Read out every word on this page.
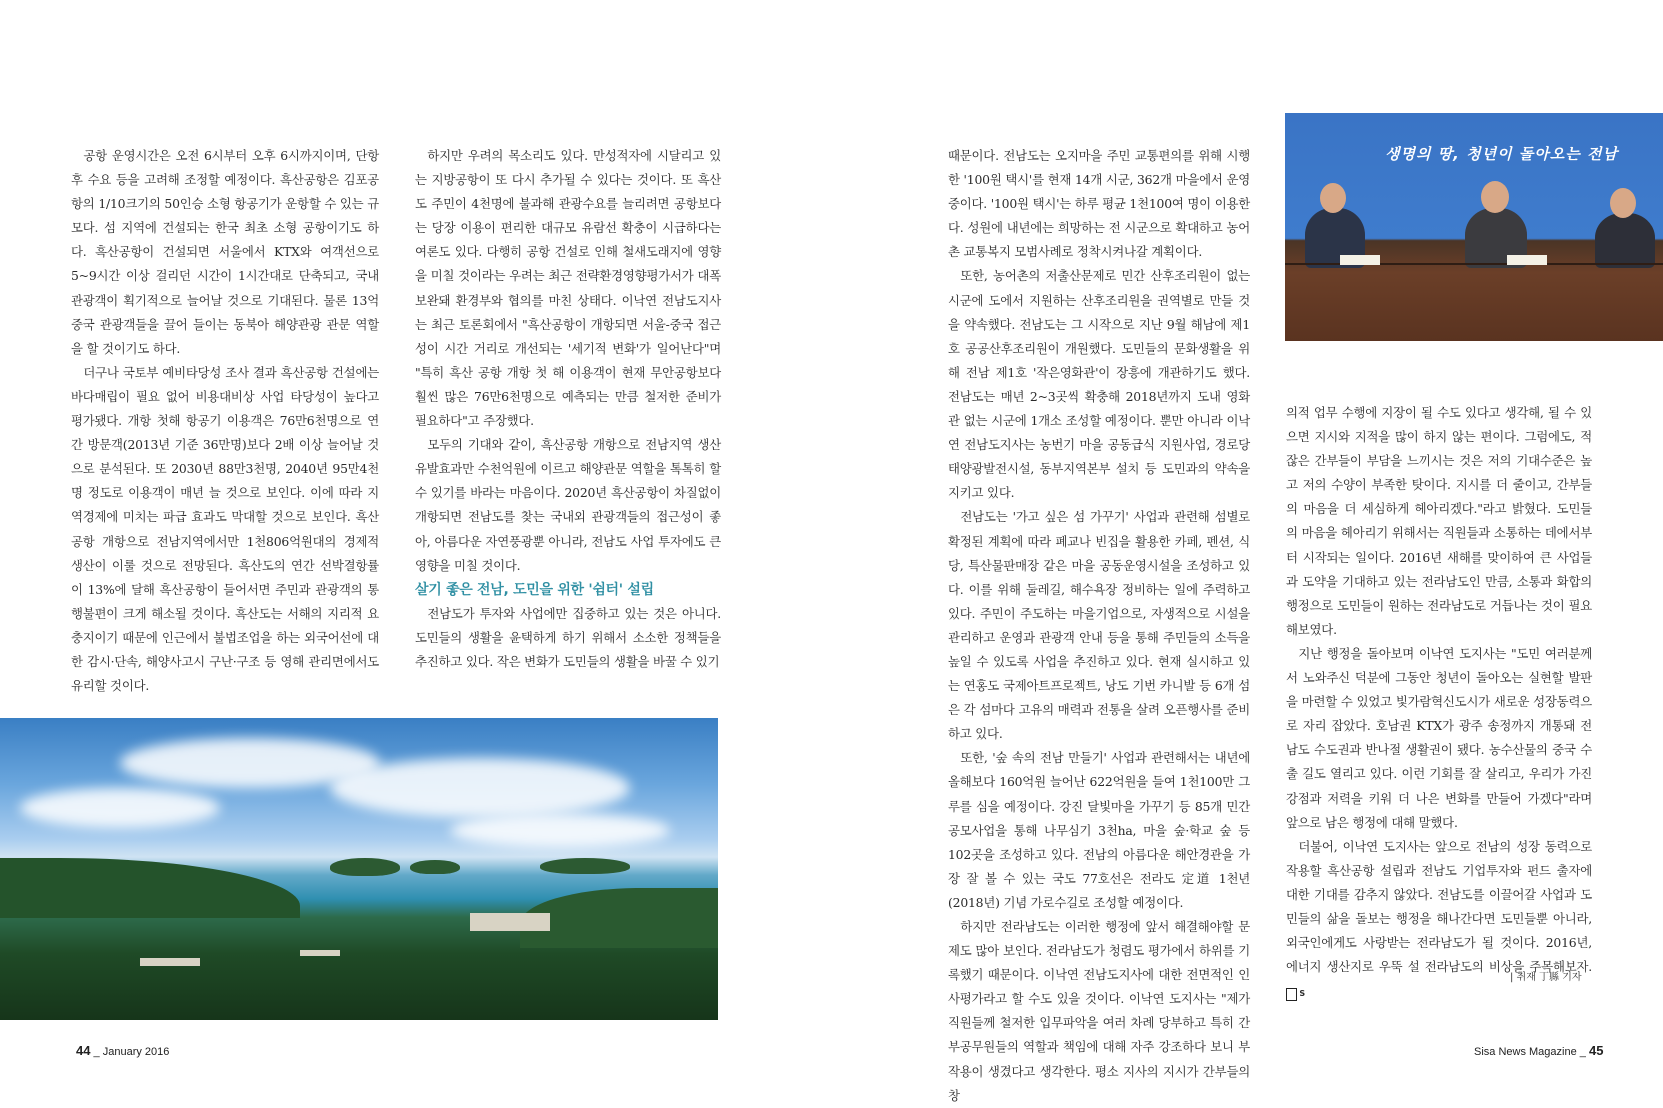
공항 운영시간은 오전 6시부터 오후 6시까지이며, 단항 후 수요 등을 고려해 조정할 예정이다. 흑산공항은 김포공항의 1/10크기의 50인승 소형 항공기가 운항할 수 있는 규모다. 섬 지역에 건설되는 한국 최초 소형 공항이기도 하다. 흑산공항이 건설되면 서울에서 KTX와 여객선으로 5~9시간 이상 걸리던 시간이 1시간대로 단축되고, 국내 관광객이 획기적으로 늘어날 것으로 기대된다. 물론 13억 중국 관광객들을 끌어 들이는 동북아 해양관광 관문 역할을 할 것이기도 하다.

더구나 국토부 예비타당성 조사 결과 흑산공항 건설에는 바다매립이 필요 없어 비용대비상 사업 타당성이 높다고 평가됐다. 개항 첫해 항공기 이용객은 76만6천명으로 연간 방문객(2013년 기준 36만명)보다 2배 이상 늘어날 것으로 분석된다. 또 2030년 88만3천명, 2040년 95만4천명 정도로 이용객이 매년 늘 것으로 보인다. 이에 따라 지역경제에 미치는 파급 효과도 막대할 것으로 보인다. 흑산공항 개항으로 전남지역에서만 1천806억원대의 경제적 생산이 이룰 것으로 전망된다. 흑산도의 연간 선박결항률이 13%에 달해 흑산공항이 들어서면 주민과 관광객의 통행불편이 크게 해소될 것이다. 흑산도는 서해의 지리적 요충지이기 때문에 인근에서 불법조업을 하는 외국어선에 대한 감시·단속, 해양사고시 구난·구조 등 영해 관리면에서도 유리할 것이다.

하지만 우려의 목소리도 있다. 만성적자에 시달리고 있는 지방공항이 또 다시 추가될 수 있다는 것이다. 또 흑산도 주민이 4천명에 불과해 관광수요를 늘리려면 공항보다는 당장 이용이 편리한 대규모 유람선 확충이 시급하다는 여론도 있다. 다행히 공항 건설로 인해 철새도래지에 영향을 미칠 것이라는 우려는 최근 전략환경영향평가서가 대폭 보완돼 환경부와 협의를 마친 상태다. 이낙연 전남도지사는 최근 토론회에서 "흑산공항이 개항되면 서울-중국 접근성이 시간 거리로 개선되는 '세기적 변화'가 일어난다"며 "특히 흑산 공항 개항 첫 해 이용객이 현재 무안공항보다 훨씬 많은 76만6천명으로 예측되는 만큼 철저한 준비가 필요하다"고 주장했다.

모두의 기대와 같이, 흑산공항 개항으로 전남지역 생산유발효과만 수천억원에 이르고 해양관문 역할을 톡톡히 할 수 있기를 바라는 마음이다. 2020년 흑산공항이 차질없이 개항되면 전남도를 찾는 국내외 관광객들의 접근성이 좋아, 아름다운 자연풍광뿐 아니라, 전남도 사업 투자에도 큰 영향을 미칠 것이다.

살기 좋은 전남, 도민을 위한 '쉼터' 설립

전남도가 투자와 사업에만 집중하고 있는 것은 아니다. 도민들의 생활을 윤택하게 하기 위해서 소소한 정책들을 추진하고 있다. 작은 변화가 도민들의 생활을 바꿀 수 있기

44 _ January 2016

때문이다. 전남도는 오지마을 주민 교통편의를 위해 시행한 '100원 택시'를 현재 14개 시군, 362개 마을에서 운영 중이다. '100원 택시'는 하루 평균 1천100여 명이 이용한다. 성원에 내년에는 희망하는 전 시군으로 확대하고 농어촌 교통복지 모범사례로 정착시켜나갈 계획이다.

또한, 농어촌의 저출산문제로 민간 산후조리원이 없는 시군에 도에서 지원하는 산후조리원을 권역별로 만들 것을 약속했다. 전남도는 그 시작으로 지난 9월 해남에 제1호 공공산후조리원이 개원했다. 도민들의 문화생활을 위해 전남 제1호 '작은영화관'이 장흥에 개관하기도 했다. 전남도는 매년 2~3곳씩 확충해 2018년까지 도내 영화관 없는 시군에 1개소 조성할 예정이다. 뿐만 아니라 이낙연 전남도지사는 농번기 마을 공동급식 지원사업, 경로당 태양광발전시설, 동부지역본부 설치 등 도민과의 약속을 지키고 있다.

전남도는 '가고 싶은 섬 가꾸기' 사업과 관련해 섬별로 확정된 계획에 따라 폐교나 빈집을 활용한 카페, 펜션, 식당, 특산물판매장 같은 마을 공동운영시설을 조성하고 있다. 이를 위해 둘레길, 해수욕장 정비하는 일에 주력하고 있다. 주민이 주도하는 마을기업으로, 자생적으로 시설을 관리하고 운영과 관광객 안내 등을 통해 주민들의 소득을 높일 수 있도록 사업을 추진하고 있다. 현재 실시하고 있는 연홍도 국제아트프로젝트, 낭도 기번 카니발 등 6개 섬은 각 섬마다 고유의 매력과 전통을 살려 오픈행사를 준비하고 있다.

또한, '숲 속의 전남 만들기' 사업과 관련해서는 내년에 올해보다 160억원 늘어난 622억원을 들여 1천100만 그루를 심을 예정이다. 강진 달빛마을 가꾸기 등 85개 민간 공모사업을 통해 나무심기 3천ha, 마을 숲·학교 숲 등 102곳을 조성하고 있다. 전남의 아름다운 해안경관을 가장 잘 볼 수 있는 국도 77호선은 전라도 定道 1천년(2018년) 기념 가로수길로 조성할 예정이다.

하지만 전라남도는 이러한 행정에 앞서 해결해야할 문제도 많아 보인다. 전라남도가 청렴도 평가에서 하위를 기록했기 때문이다. 이낙연 전남도지사에 대한 전면적인 인사평가라고 할 수도 있을 것이다. 이낙연 도지사는 "제가 직원들께 철저한 입무파악을 여러 차례 당부하고 특히 간부공무원들의 역할과 책임에 대해 자주 강조하다 보니 부작용이 생겼다고 생각한다. 평소 지사의 지시가 간부들의 창

생명의 땅, 청년이 돌아오는 전남

의적 업무 수행에 지장이 될 수도 있다고 생각해, 될 수 있으면 지시와 지적을 많이 하지 않는 편이다. 그럼에도, 적잖은 간부들이 부담을 느끼시는 것은 저의 기대수준은 높고 저의 수양이 부족한 탓이다. 지시를 더 줄이고, 간부들의 마음을 더 세심하게 헤아리겠다."라고 밝혔다. 도민들의 마음을 헤아리기 위해서는 직원들과 소통하는 데에서부터 시작되는 일이다. 2016년 새해를 맞이하여 큰 사업들과 도약을 기대하고 있는 전라남도인 만큼, 소통과 화합의 행정으로 도민들이 원하는 전라남도로 거듭나는 것이 필요해보였다.

지난 행정을 돌아보며 이낙연 도지사는 "도민 여러분께서 노와주신 덕분에 그동안 청년이 돌아오는 실현할 발판을 마련할 수 있었고 빛가람혁신도시가 새로운 성장동력으로 자리 잡았다. 호남권 KTX가 광주 송정까지 개통돼 전남도 수도권과 반나절 생활권이 됐다. 농수산물의 중국 수출 길도 열리고 있다. 이런 기회를 잘 살리고, 우리가 가진 강점과 저력을 키워 더 나은 변화를 만들어 가겠다"라며 앞으로 남은 행정에 대해 말했다.

더불어, 이낙연 도지사는 앞으로 전남의 성장 동력으로 작용할 흑산공항 설립과 전남도 기업투자와 펀드 출자에 대한 기대를 감추지 않았다. 전남도를 이끌어갈 사업과 도민들의 삶을 돌보는 행정을 해나간다면 도민들뿐 아니라, 외국인에게도 사랑받는 전라남도가 될 것이다. 2016년, 에너지 생산지로 우뚝 설 전라남도의 비상을 주목해보자. S

| 취재 丁縣 기자
Sisa News Magazine _ 45
